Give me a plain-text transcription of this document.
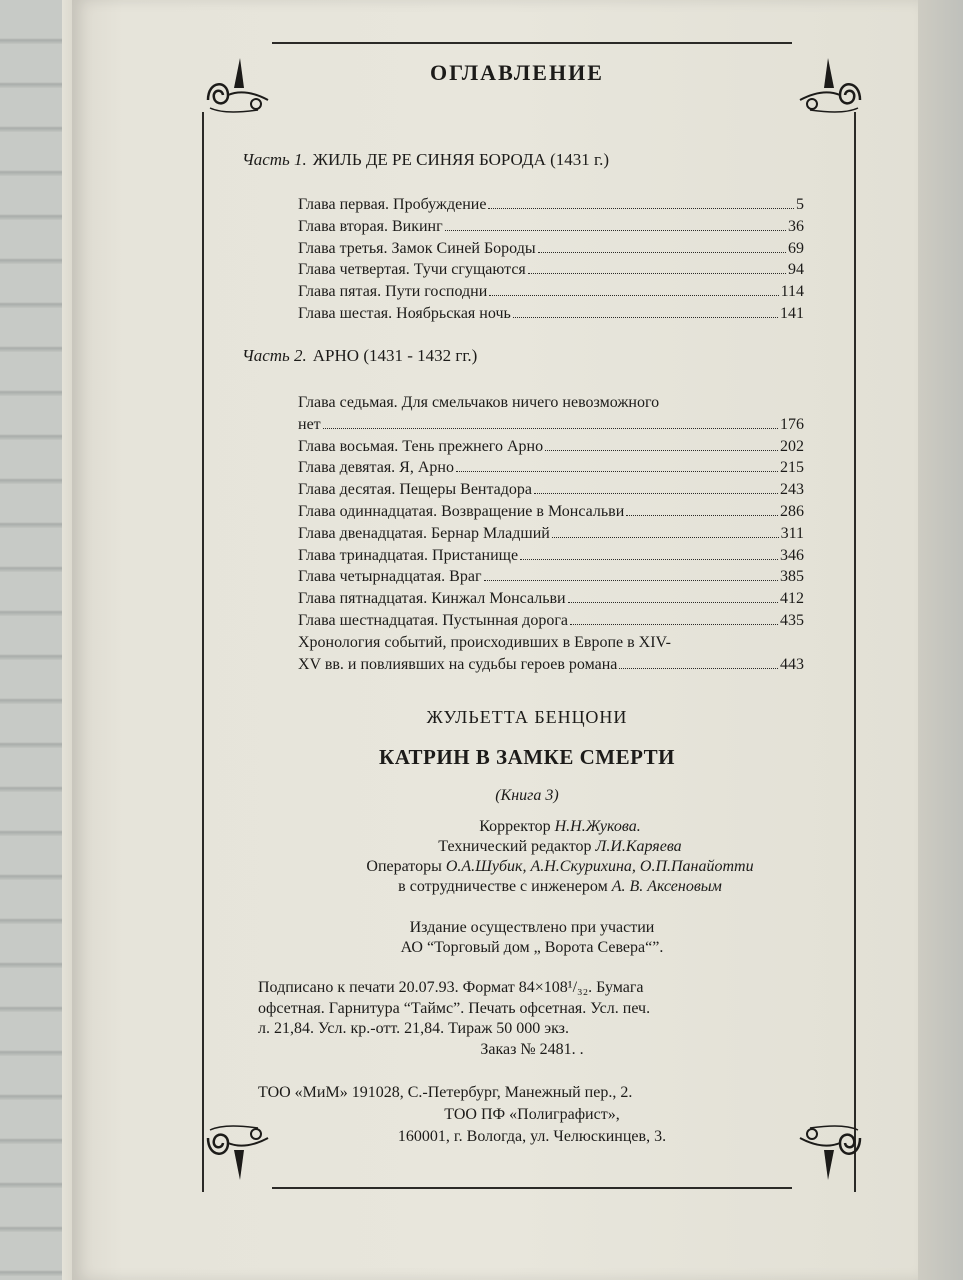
ОГЛАВЛЕНИЕ
Часть 1. ЖИЛЬ ДЕ РЕ СИНЯЯ БОРОДА (1431 г.)
Глава первая. Пробуждение	5
Глава вторая. Викинг	36
Глава третья. Замок Синей Бороды	69
Глава четвертая. Тучи сгущаются	94
Глава пятая. Пути господни	114
Глава шестая. Ноябрьская ночь	141
Часть 2. АРНО (1431 - 1432 гг.)
Глава седьмая. Для смельчаков ничего невозможного
нет	176
Глава восьмая. Тень прежнего Арно	202
Глава девятая. Я, Арно	215
Глава десятая. Пещеры Вентадора	243
Глава одиннадцатая. Возвращение в Монсальви	286
Глава двенадцатая. Бернар Младший	311
Глава тринадцатая. Пристанище	346
Глава четырнадцатая. Враг	385
Глава пятнадцатая. Кинжал Монсальви	412
Глава шестнадцатая. Пустынная дорога	435
Хронология событий, происходивших в Европе в XIV-
XV вв. и повлиявших на судьбы героев романа	443
ЖУЛЬЕТТА БЕНЦОНИ
КАТРИН В ЗАМКЕ СМЕРТИ
(Книга 3)
Корректор Н.Н.Жукова.
Технический редактор Л.И.Каряева
Операторы О.А.Шубик, А.Н.Скурихина, О.П.Панайотти
в сотрудничестве с инженером А. В. Аксеновым
Издание осуществлено при участии
АО “Торговый дом „ Ворота Севера“”.
Подписано к печати 20.07.93. Формат 84×108¹/₃₂. Бумага
офсетная. Гарнитура “Таймс”. Печать офсетная. Усл. печ.
л. 21,84. Усл. кр.-отт. 21,84. Тираж 50 000 экз.
Заказ № 2481. .
ТОО «МиМ» 191028, С.-Петербург, Манежный пер., 2.
ТОО ПФ «Полиграфист»,
160001, г. Вологда, ул. Челюскинцев, 3.
